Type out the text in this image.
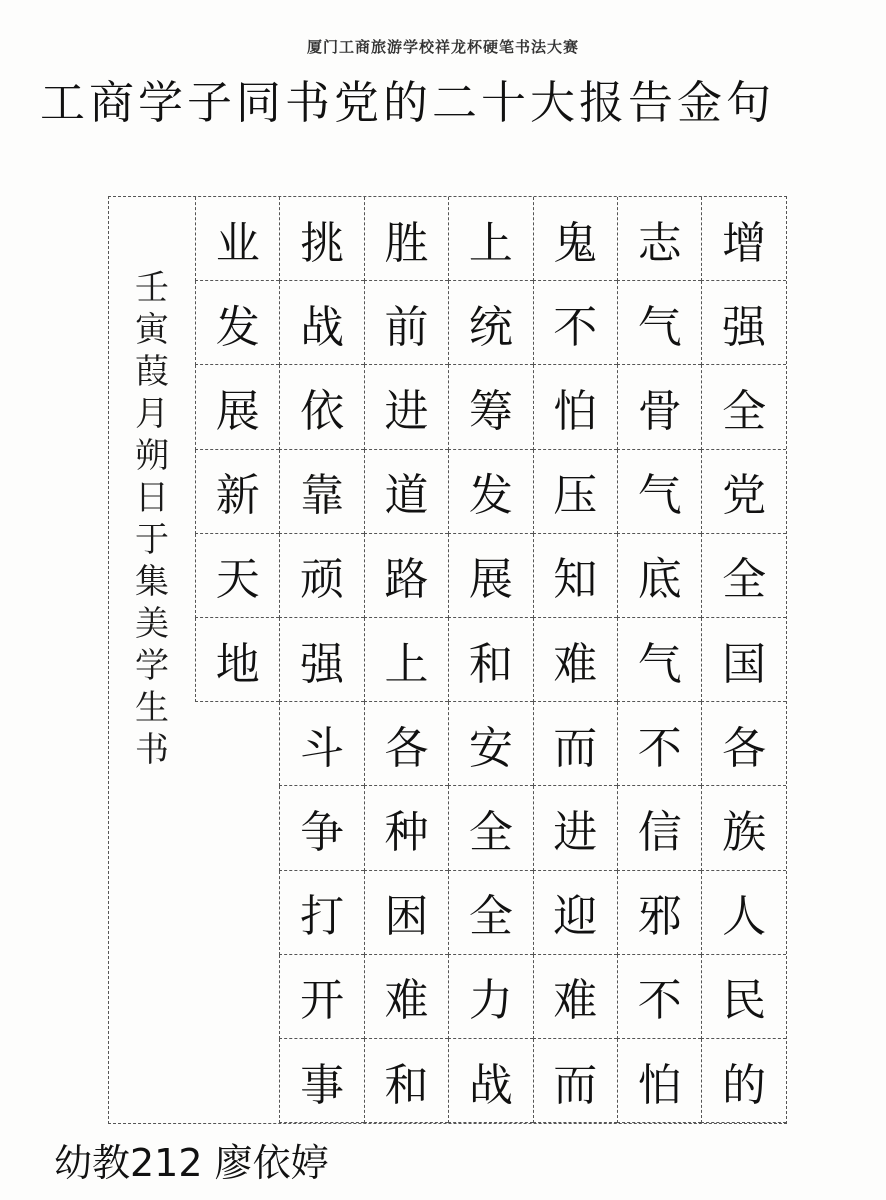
厦门工商旅游学校祥龙杯硬笔书法大赛
工商学子同书党的二十大报告金句
壬
寅
葭
月
朔
日
于
集
美
学
生
书
业
发
展
新
天
地
挑
战
依
靠
顽
强
斗
争
打
开
事
胜
前
进
道
路
上
各
种
困
难
和
上
统
筹
发
展
和
安
全
全
力
战
鬼
不
怕
压
知
难
而
进
迎
难
而
志
气
骨
气
底
气
不
信
邪
不
怕
增
强
全
党
全
国
各
族
人
民
的
幼教212 廖依婷
